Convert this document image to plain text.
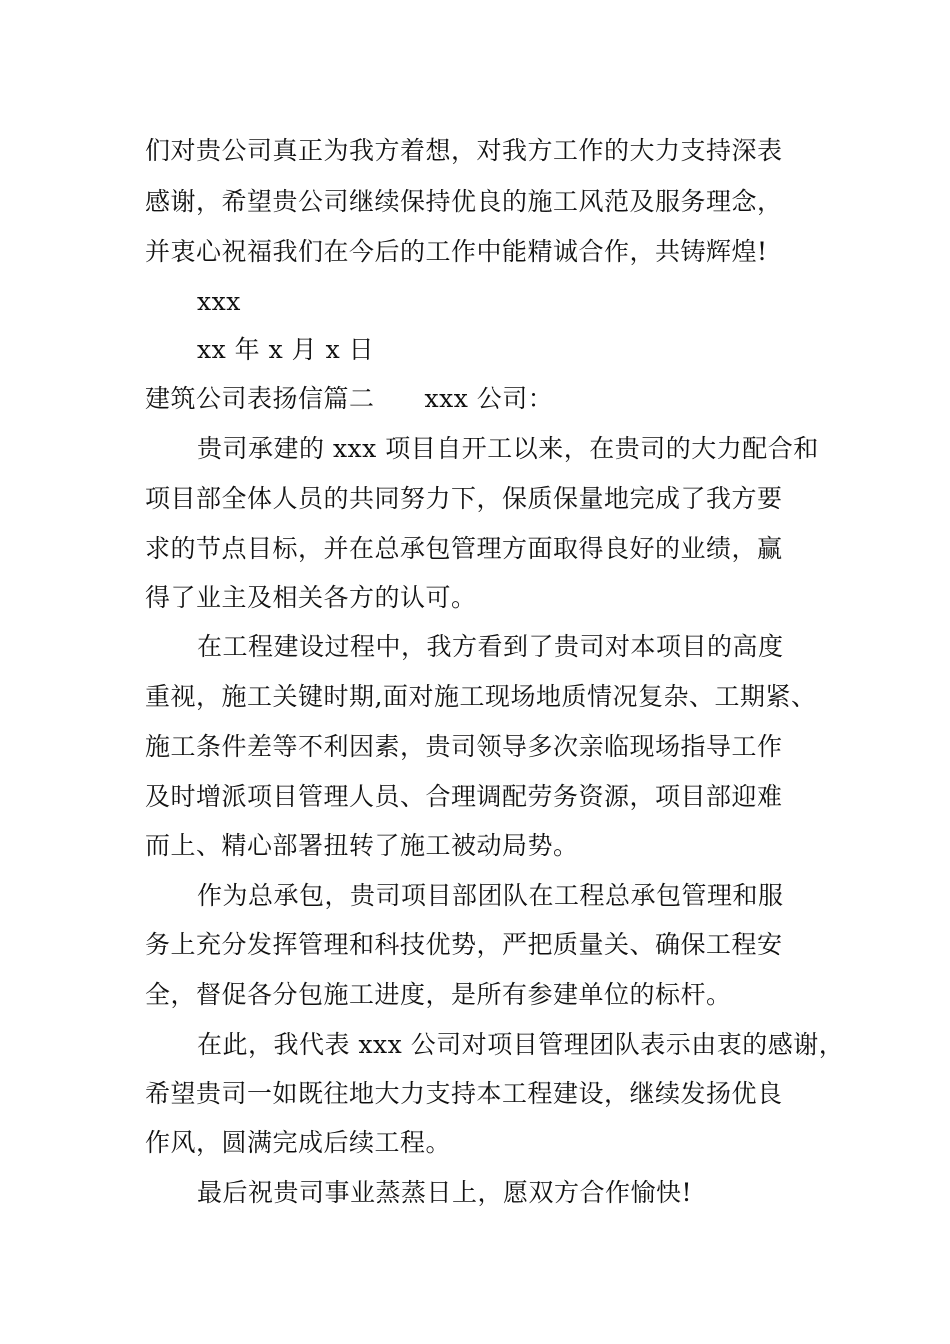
们对贵公司真正为我方着想，对我方工作的大力支持深表
感谢，希望贵公司继续保持优良的施工风范及服务理念，
并衷心祝福我们在今后的工作中能精诚合作，共铸辉煌!
xxx
xx 年 x 月 x 日
建筑公司表扬信篇二 xxx 公司：
贵司承建的 xxx 项目自开工以来，在贵司的大力配合和
项目部全体人员的共同努力下，保质保量地完成了我方要
求的节点目标，并在总承包管理方面取得良好的业绩，赢
得了业主及相关各方的认可。
在工程建设过程中，我方看到了贵司对本项目的高度
重视，施工关键时期,面对施工现场地质情况复杂、工期紧、
施工条件差等不利因素，贵司领导多次亲临现场指导工作
及时增派项目管理人员、合理调配劳务资源，项目部迎难
而上、精心部署扭转了施工被动局势。
作为总承包，贵司项目部团队在工程总承包管理和服
务上充分发挥管理和科技优势，严把质量关、确保工程安
全，督促各分包施工进度，是所有参建单位的标杆。
在此，我代表 xxx 公司对项目管理团队表示由衷的感谢，
希望贵司一如既往地大力支持本工程建设，继续发扬优良
作风，圆满完成后续工程。
最后祝贵司事业蒸蒸日上，愿双方合作愉快!
